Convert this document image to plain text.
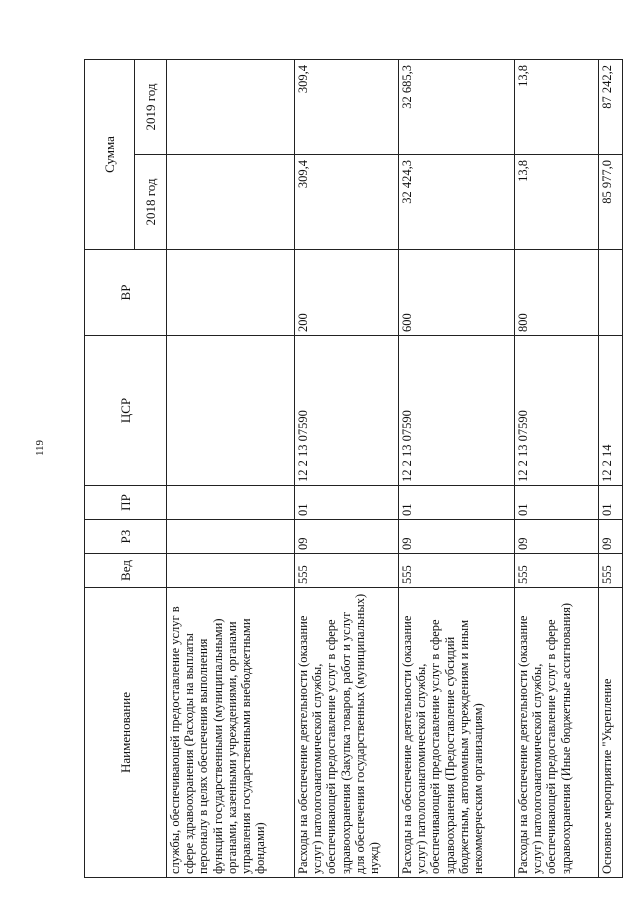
119
Наименование	Вед	РЗ	ПР	ЦСР	ВР	Сумма	
						2018 год	2019 год
службы, обеспечивающей предоставление услуг в сфере здравоохранения (Расходы на выплаты персоналу в целях обеспечения выполнения функций государственными (муниципальными) органами, казенными учреждениями, органами управления государственными внебюджетными фондами)							
Расходы на обеспечение деятельности (оказание услуг) патологоанатомической службы, обеспечивающей предоставление услуг в сфере здравоохранения (Закупка товаров, работ и услуг для обеспечения государственных (муниципальных) нужд)	555	09	01	12 2 13 07590	200	309,4	309,4
Расходы на обеспечение деятельности (оказание услуг) патологоанатомической службы, обеспечивающей предоставление услуг в сфере здравоохранения (Предоставление субсидий бюджетным, автономным учреждениям и иным некоммерческим организациям)	555	09	01	12 2 13 07590	600	32 424,3	32 685,3
Расходы на обеспечение деятельности (оказание услуг) патологоанатомической службы, обеспечивающей предоставление услуг в сфере здравоохранения (Иные бюджетные ассигнования)	555	09	01	12 2 13 07590	800	13,8	13,8
Основное мероприятие "Укрепление	555	09	01	12 2 14		85 977,0	87 242,2
